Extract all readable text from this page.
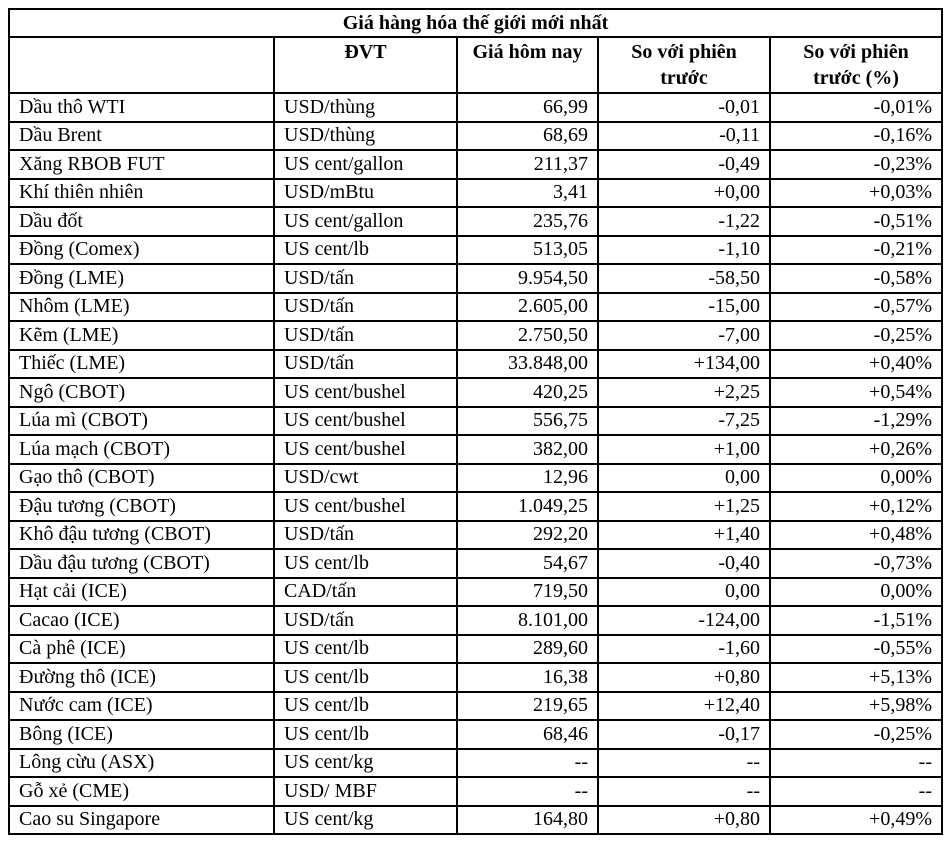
Giá hàng hóa thế giới mới nhất				
	ĐVT	Giá hôm nay	So với phiên trước	So với phiên trước (%)
Dầu thô WTI	USD/thùng	66,99	-0,01	-0,01%
Dầu Brent	USD/thùng	68,69	-0,11	-0,16%
Xăng RBOB FUT	US cent/gallon	211,37	-0,49	-0,23%
Khí thiên nhiên	USD/mBtu	3,41	+0,00	+0,03%
Dầu đốt	US cent/gallon	235,76	-1,22	-0,51%
Đồng (Comex)	US cent/lb	513,05	-1,10	-0,21%
Đồng (LME)	USD/tấn	9.954,50	-58,50	-0,58%
Nhôm (LME)	USD/tấn	2.605,00	-15,00	-0,57%
Kẽm (LME)	USD/tấn	2.750,50	-7,00	-0,25%
Thiếc (LME)	USD/tấn	33.848,00	+134,00	+0,40%
Ngô (CBOT)	US cent/bushel	420,25	+2,25	+0,54%
Lúa mì (CBOT)	US cent/bushel	556,75	-7,25	-1,29%
Lúa mạch (CBOT)	US cent/bushel	382,00	+1,00	+0,26%
Gạo thô (CBOT)	USD/cwt	12,96	0,00	0,00%
Đậu tương (CBOT)	US cent/bushel	1.049,25	+1,25	+0,12%
Khô đậu tương (CBOT)	USD/tấn	292,20	+1,40	+0,48%
Dầu đậu tương (CBOT)	US cent/lb	54,67	-0,40	-0,73%
Hạt cải (ICE)	CAD/tấn	719,50	0,00	0,00%
Cacao (ICE)	USD/tấn	8.101,00	-124,00	-1,51%
Cà phê (ICE)	US cent/lb	289,60	-1,60	-0,55%
Đường thô (ICE)	US cent/lb	16,38	+0,80	+5,13%
Nước cam (ICE)	US cent/lb	219,65	+12,40	+5,98%
Bông (ICE)	US cent/lb	68,46	-0,17	-0,25%
Lông cừu (ASX)	US cent/kg	--	--	--
Gỗ xẻ (CME)	USD/ MBF	--	--	--
Cao su Singapore	US cent/kg	164,80	+0,80	+0,49%
